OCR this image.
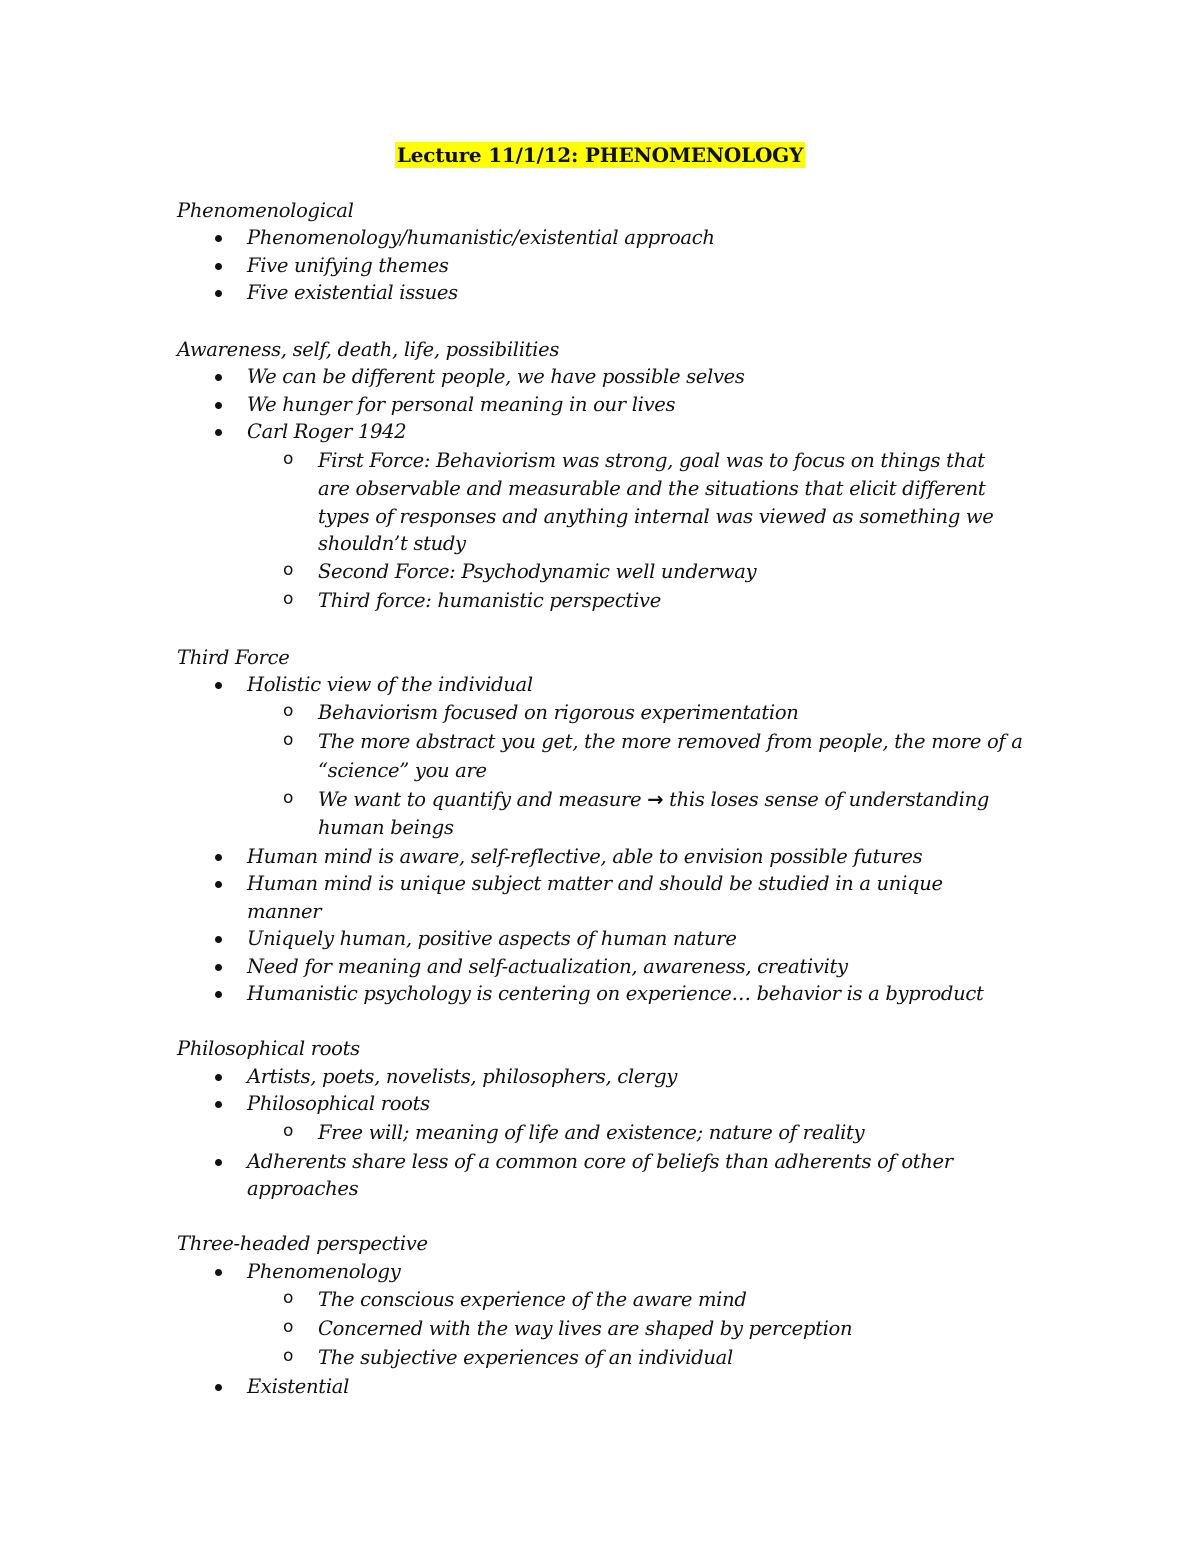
Lecture 11/1/12: PHENOMENOLOGY
Phenomenological
Phenomenology/humanistic/existential approach
Five unifying themes
Five existential issues
Awareness, self, death, life, possibilities
We can be different people, we have possible selves
We hunger for personal meaning in our lives
Carl Roger 1942
o First Force: Behaviorism was strong, goal was to focus on things that
are observable and measurable and the situations that elicit different
types of responses and anything internal was viewed as something we
shouldn’t study
o Second Force: Psychodynamic well underway
o Third force: humanistic perspective
Third Force
Holistic view of the individual
o Behaviorism focused on rigorous experimentation
o The more abstract you get, the more removed from people, the more of a
“science” you are
o We want to quantify and measure → this loses sense of understanding
human beings
Human mind is aware, self-reflective, able to envision possible futures
Human mind is unique subject matter and should be studied in a unique
manner
Uniquely human, positive aspects of human nature
Need for meaning and self-actualization, awareness, creativity
Humanistic psychology is centering on experience… behavior is a byproduct
Philosophical roots
Artists, poets, novelists, philosophers, clergy
Philosophical roots
o Free will; meaning of life and existence; nature of reality
Adherents share less of a common core of beliefs than adherents of other
approaches
Three-headed perspective
Phenomenology
o The conscious experience of the aware mind
o Concerned with the way lives are shaped by perception
o The subjective experiences of an individual
Existential
